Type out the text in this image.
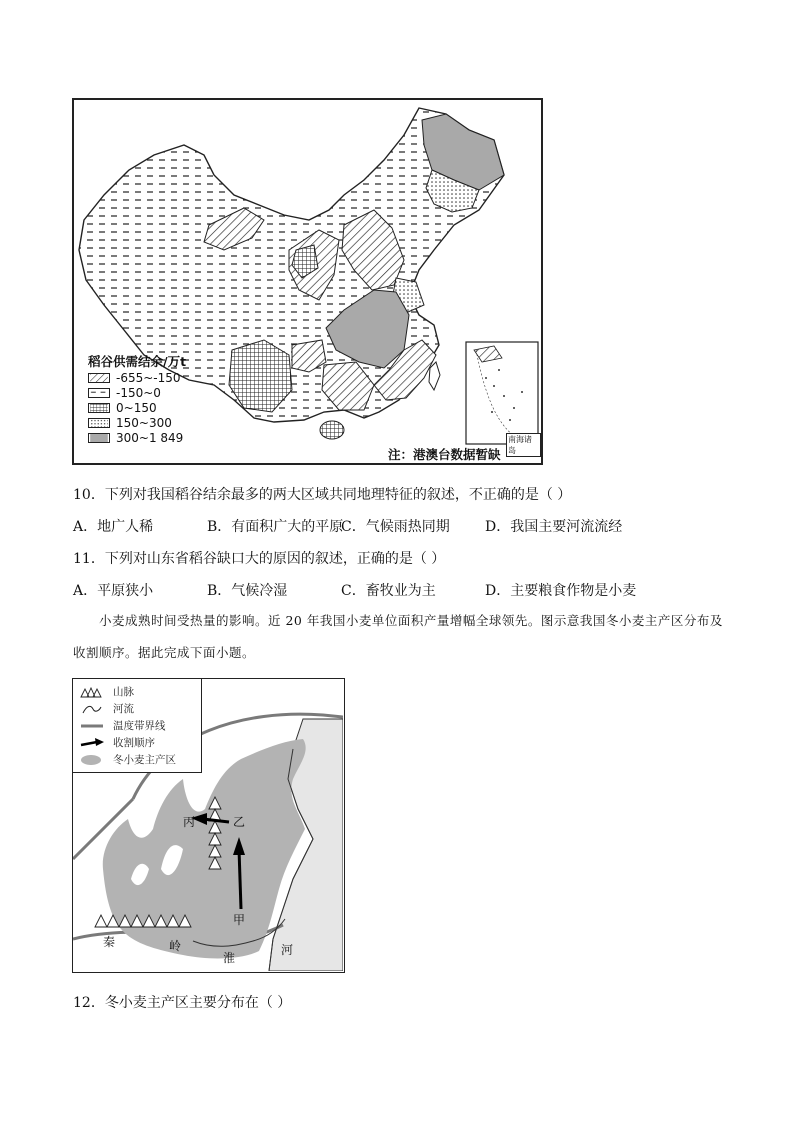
稻谷供需结余/万t
-655~-150
-150~0
0~150
150~300
300~1 849	南海诸岛
注：港澳台数据暂缺
10．下列对我国稻谷结余最多的两大区域共同地理特征的叙述，不正确的是（ ）
A．地广人稀	B．有面积广大的平原
C．气候雨热同期	D．我国主要河流流经
11．下列对山东省稻谷缺口大的原因的叙述，正确的是（ ）
A．平原狭小	B．气候冷湿	C．畜牧业为主	D．主要粮食作物是小麦
小麦成熟时间受热量的影响。近 20 年我国小麦单位面积产量增幅全球领先。图示意我国冬小麦主产区分布及收割顺序。据此完成下面小题。
山脉
河流
温度带界线
收割顺序
冬小麦主产区
丙	乙
甲
秦	岭
淮
河
12．冬小麦主产区主要分布在（ ）
